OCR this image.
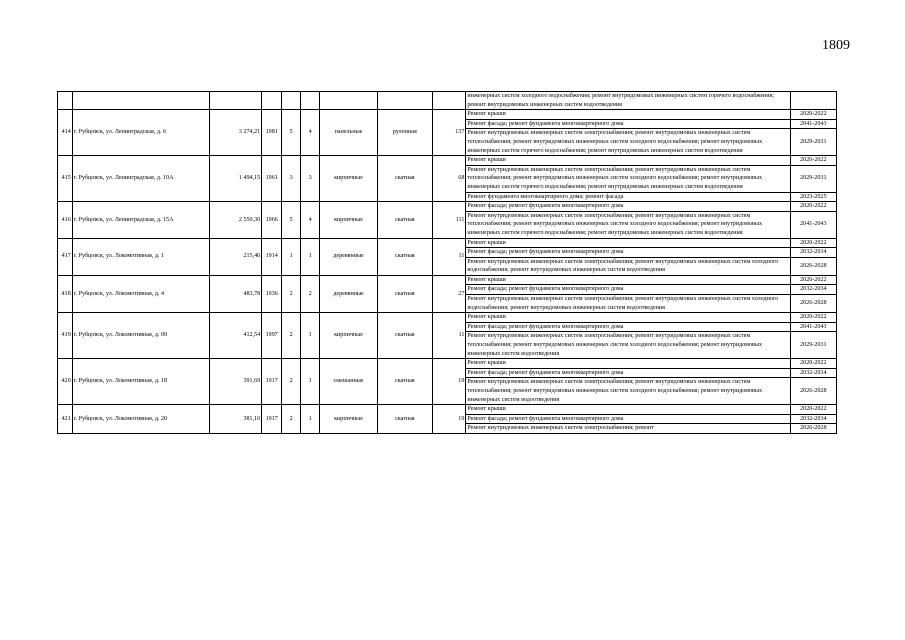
1809
									инженерных систем холодного водоснабжения; ремонт внутридомовых инженерных систем горячего водоснабжения; ремонт внутридомовых инженерных систем водоотведения	
414	г. Рубцовск, ул. Ленинградская, д. 6	3 274,21	1981	5	4	панельные	рулонная	137	Ремонт крыши	2020-2022
									Ремонт фасада; ремонт фундамента многоквартирного дома	2041-2043
									Ремонт внутридомовых инженерных систем электроснабжения; ремонт внутридомовых инженерных систем теплоснабжения; ремонт внутридомовых инженерных систем холодного водоснабжения; ремонт внутридомовых инженерных систем горячего водоснабжения; ремонт внутридомовых инженерных систем водоотведения	2029-2031
415	г. Рубцовск, ул. Ленинградская, д. 10А	1 494,15	1961	3	3	кирпичные	скатная	68	Ремонт крыши	2020-2022
									Ремонт внутридомовых инженерных систем электроснабжения; ремонт внутридомовых инженерных систем теплоснабжения; ремонт внутридомовых инженерных систем холодного водоснабжения; ремонт внутридомовых инженерных систем горячего водоснабжения; ремонт внутридомовых инженерных систем водоотведения	2029-2031
									Ремонт фундамента многоквартирного дома; ремонт фасада	2023-2025
416	г. Рубцовск, ул. Ленинградская, д. 15А	2 550,30	1966	5	4	кирпичные	скатная	111	Ремонт фасада; ремонт фундамента многоквартирного дома	2020-2022
									Ремонт внутридомовых инженерных систем электроснабжения; ремонт внутридомовых инженерных систем теплоснабжения; ремонт внутридомовых инженерных систем холодного водоснабжения; ремонт внутридомовых инженерных систем горячего водоснабжения; ремонт внутридомовых инженерных систем водоотведения	2041-2043
417	г. Рубцовск, ул. Локомотивная, д. 1	215,40	1914	1	1	деревянные	скатная	11	Ремонт крыши	2020-2022
									Ремонт фасада; ремонт фундамента многоквартирного дома	2032-2034
									Ремонт внутридомовых инженерных систем электроснабжения; ремонт внутридомовых инженерных систем холодного водоснабжения; ремонт внутридомовых инженерных систем водоотведения	2026-2028
418	г. Рубцовск, ул. Локомотивная, д. 4	483,78	1936	2	2	деревянные	скатная	27	Ремонт крыши	2020-2022
									Ремонт фасада; ремонт фундамента многоквартирного дома	2032-2034
									Ремонт внутридомовых инженерных систем электроснабжения; ремонт внутридомовых инженерных систем холодного водоснабжения; ремонт внутридомовых инженерных систем водоотведения	2026-2028
419	г. Рубцовск, ул. Локомотивная, д. 09	412,54	1997	2	1	кирпичные	скатная	11	Ремонт крыши	2020-2022
									Ремонт фасада; ремонт фундамента многоквартирного дома	2041-2043
									Ремонт внутридомовых инженерных систем электроснабжения; ремонт внутридомовых инженерных систем теплоснабжения; ремонт внутридомовых инженерных систем холодного водоснабжения; ремонт внутридомовых инженерных систем водоотведения	2029-2031
420	г. Рубцовск, ул. Локомотивная, д. 18	391,69	1917	2	1	смешанные	скатная	19	Ремонт крыши	2020-2022
									Ремонт фасада; ремонт фундамента многоквартирного дома	2032-2034
									Ремонт внутридомовых инженерных систем электроснабжения; ремонт внутридомовых инженерных систем теплоснабжения; ремонт внутридомовых инженерных систем холодного водоснабжения; ремонт внутридомовых инженерных систем водоотведения	2026-2028
421	г. Рубцовск, ул. Локомотивная, д. 20	381,10	1917	2	1	кирпичные	скатная	19	Ремонт крыши	2020-2022
									Ремонт фасада; ремонт фундамента многоквартирного дома	2032-2034
									Ремонт внутридомовых инженерных систем электроснабжения; ремонт	2026-2028
